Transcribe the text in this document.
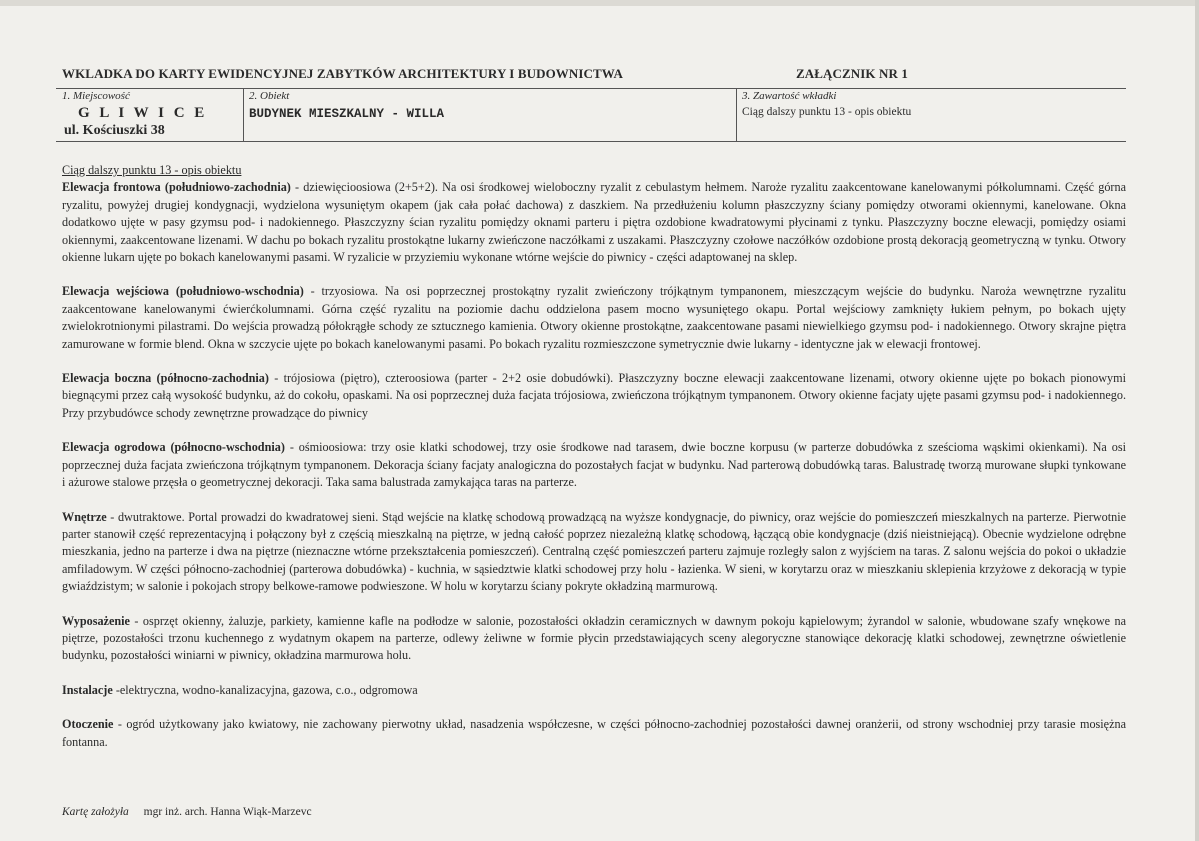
WKLADKA DO KARTY EWIDENCYJNEJ ZABYTKÓW ARCHITEKTURY I BUDOWNICTWA	ZAŁĄCZNIK NR 1
1. Miejscowość
G L I W I C E
ul. Kościuszki 38
2. Obiekt
BUDYNEK MIESZKALNY - WILLA
3. Zawartość wkładki
Ciąg dalszy punktu 13 - opis obiektu
Ciąg dalszy punktu 13 - opis obiektu

Elewacja frontowa (południowo-zachodnia) - dziewięcioosiowa (2+5+2). Na osi środkowej wieloboczny ryzalit z cebulastym hełmem. Naroże ryzalitu zaakcentowane kanelowanymi półkolumnami. Część górna ryzalitu, powyżej drugiej kondygnacji, wydzielona wysuniętym okapem (jak cała połać dachowa) z daszkiem. Na przedłużeniu kolumn płaszczyzny ściany pomiędzy otworami okiennymi, kanelowane. Okna dodatkowo ujęte w pasy gzymsu pod- i nadokiennego. Płaszczyzny ścian ryzalitu pomiędzy oknami parteru i piętra ozdobione kwadratowymi płycinami z tynku. Płaszczyzny boczne elewacji, pomiędzy osiami okiennymi, zaakcentowane lizenami. W dachu po bokach ryzalitu prostokątne lukarny zwieńczone naczółkami z uszakami. Płaszczyzny czołowe naczółków ozdobione prostą dekoracją geometryczną w tynku. Otwory okienne lukarn ujęte po bokach kanelowanymi pasami. W ryzalicie w przyziemiu wykonane wtórne wejście do piwnicy - części adaptowanej na sklep.

Elewacja wejściowa (południowo-wschodnia) - trzyosiowa. Na osi poprzecznej prostokątny ryzalit zwieńczony trójkątnym tympanonem, mieszczącym wejście do budynku. Naroża wewnętrzne ryzalitu zaakcentowane kanelowanymi ćwierćkolumnami. Górna część ryzalitu na poziomie dachu oddzielona pasem mocno wysuniętego okapu. Portal wejściowy zamknięty łukiem pełnym, po bokach ujęty zwielokrotnionymi pilastrami. Do wejścia prowadzą półokrągłe schody ze sztucznego kamienia. Otwory okienne prostokątne, zaakcentowane pasami niewielkiego gzymsu pod- i nadokiennego. Otwory skrajne piętra zamurowane w formie blend. Okna w szczycie ujęte po bokach kanelowanymi pasami. Po bokach ryzalitu rozmieszczone symetrycznie dwie lukarny - identyczne jak w elewacji frontowej.

Elewacja boczna (północno-zachodnia) - trójosiowa (piętro), czteroosiowa (parter - 2+2 osie dobudówki). Płaszczyzny boczne elewacji zaakcentowane lizenami, otwory okienne ujęte po bokach pionowymi biegnącymi przez całą wysokość budynku, aż do cokołu, opaskami. Na osi poprzecznej duża facjata trójosiowa, zwieńczona trójkątnym tympanonem. Otwory okienne facjaty ujęte pasami gzymsu pod- i nadokiennego. Przy przybudówce schody zewnętrzne prowadzące do piwnicy

Elewacja ogrodowa (północno-wschodnia) - ośmioosiowa: trzy osie klatki schodowej, trzy osie środkowe nad tarasem, dwie boczne korpusu (w parterze dobudówka z sześcioma wąskimi okienkami). Na osi poprzecznej duża facjata zwieńczona trójkątnym tympanonem. Dekoracja ściany facjaty analogiczna do pozostałych facjat w budynku. Nad parterową dobudówką taras. Balustradę tworzą murowane słupki tynkowane i ażurowe stalowe przęsła o geometrycznej dekoracji. Taka sama balustrada zamykająca taras na parterze.

Wnętrze - dwutraktowe. Portal prowadzi do kwadratowej sieni. Stąd wejście na klatkę schodową prowadzącą na wyższe kondygnacje, do piwnicy, oraz wejście do pomieszczeń mieszkalnych na parterze. Pierwotnie parter stanowił część reprezentacyjną i połączony był z częścią mieszkalną na piętrze, w jedną całość poprzez niezależną klatkę schodową, łączącą obie kondygnacje (dziś nieistniejącą). Obecnie wydzielone odrębne mieszkania, jedno na parterze i dwa na piętrze (nieznaczne wtórne przekształcenia pomieszczeń). Centralną część pomieszczeń parteru zajmuje rozległy salon z wyjściem na taras. Z salonu wejścia do pokoi o układzie amfiladowym. W części północno-zachodniej (parterowa dobudówka) - kuchnia, w sąsiedztwie klatki schodowej przy holu - łazienka. W sieni, w korytarzu oraz w mieszkaniu sklepienia krzyżowe z dekoracją w typie gwiaździstym; w salonie i pokojach stropy belkowe-ramowe podwieszone. W holu w korytarzu ściany pokryte okładziną marmurową.

Wyposażenie - osprzęt okienny, żaluzje, parkiety, kamienne kafle na podłodze w salonie, pozostałości okładzin ceramicznych w dawnym pokoju kąpielowym; żyrandol w salonie, wbudowane szafy wnękowe na piętrze, pozostałości trzonu kuchennego z wydatnym okapem na parterze, odlewy żeliwne w formie płycin przedstawiających sceny alegoryczne stanowiące dekorację klatki schodowej, zewnętrzne oświetlenie budynku, pozostałości winiarni w piwnicy, okładzina marmurowa holu.

Instalacje -elektryczna, wodno-kanalizacyjna, gazowa, c.o., odgromowa

Otoczenie - ogród użytkowany jako kwiatowy, nie zachowany pierwotny układ, nasadzenia współczesne, w części północno-zachodniej pozostałości dawnej oranżerii, od strony wschodniej przy tarasie mosiężna fontanna.

Kartę założyła mgr inż. arch. Hanna Wiąk-Marzevc
